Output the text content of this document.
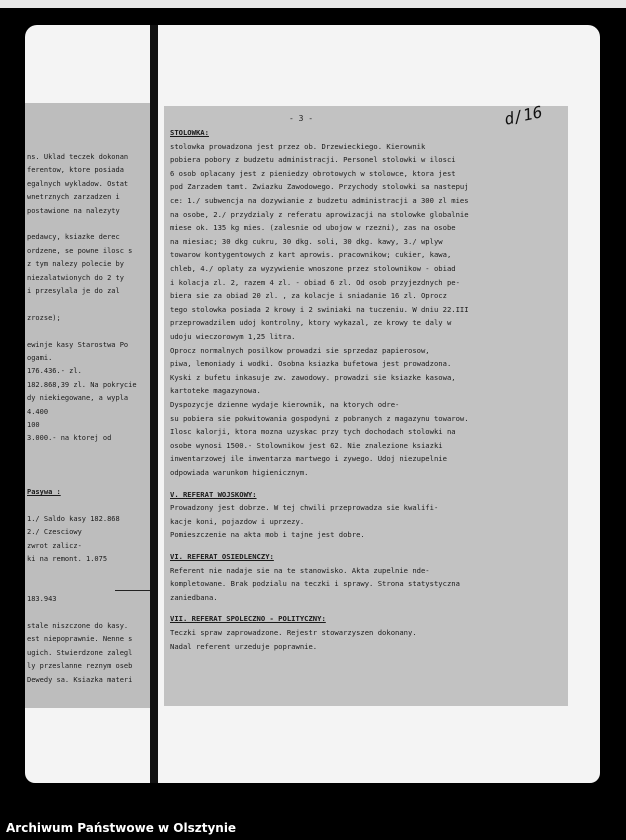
ns. Uklad teczek dokonan
ferentow, ktore posiada
egalnych wykladow. Ostat
wnetrznych zarzadzen i
postawione na nalezyty
pedawcy, ksiazke derec
ordzene, se powne ilosc s
z tym nalezy polecie by
niezalatwionych do 2 ty
i przesylala je do zal
zrozse);
ewinje kasy Starostwa Po
ogami.
176.436.- zl.
182.868,39 zl. Na pokrycie
dy niekiegowane, a wypla
4.400
100
3.000.- na ktorej od
Pasywa :
1./ Saldo kasy 182.868
2./ Czesciowy
zwrot zalicz-
ki na remont. 1.075
183.943
stale niszczone do kasy.
est niepoprawnie. Nenne s
ugich. Stwierdzone zalegl
ly przeslanne reznym oseb
Dewedy sa. Ksiazka materi
- 3 -	d/16
STOLOWKA:
stolowka prowadzona jest przez ob. Drzewieckiego. Kierownik
pobiera pobory z budzetu administracji. Personel stolowki w ilosci
6 osob oplacany jest z pieniedzy obrotowych w stolowce, ktora jest
pod Zarzadem tamt. Zwiazku Zawodowego. Przychody stolowki sa nastepuj
ce: 1./ subwencja na dozywianie z budzetu administracji a 300 zl mies
na osobe, 2./ przydzialy z referatu aprowizacji na stolowke globalnie
miese ok. 135 kg mies. (zalesnie od ubojow w rzezni), zas na osobe
na miesiac; 30 dkg cukru, 30 dkg. soli, 30 dkg. kawy, 3./ wplyw
towarow kontygentowych z kart aprowis. pracownikow; cukier, kawa,
chleb, 4./ oplaty za wyzywienie wnoszone przez stolownikow - obiad
i kolacja zl. 2, razem 4 zl. - obiad 6 zl. Od osob przyjezdnych pe-
biera sie za obiad 20 zl. , za kolacje i sniadanie 16 zl. Oprocz
tego stolowka posiada 2 krowy i 2 swiniaki na tuczeniu. W dniu 22.III
przeprowadzilem udoj kontrolny, ktory wykazal, ze krowy te daly w
udoju wieczorowym 1,25 litra.
Oprocz normalnych posilkow prowadzi sie sprzedaz papierosow,
piwa, lemoniady i wodki. Osobna ksiazka bufetowa jest prowadzona.
Kyski z bufetu inkasuje zw. zawodowy. prowadzi sie ksiazke kasowa,
kartoteke magazynowa.
Dyspozycje dzienne wydaje kierownik, na ktorych odre-
su pobiera sie pokwitowania gospodyni z pobranych z magazynu towarow.
Ilosc kalorji, ktora mozna uzyskac przy tych dochodach stolowki na
osobe wynosi 1500.- Stolownikow jest 62. Nie znalezione ksiazki
inwentarzowej ile inwentarza martwego i zywego. Udoj niezupelnie
odpowiada warunkom higienicznym.
V. REFERAT WOJSKOWY:
Prowadzony jest dobrze. W tej chwili przeprowadza sie kwalifi-
kacje koni, pojazdow i uprzezy.
Pomieszczenie na akta mob i tajne jest dobre.
VI. REFERAT OSIEDLENCZY:
Referent nie nadaje sie na te stanowisko. Akta zupelnie nde-
kompletowane. Brak podzialu na teczki i sprawy. Strona statystyczna
zaniedbana.
VII. REFERAT SPOLECZNO - POLITYCZNY:
Teczki spraw zaprowadzone. Rejestr stowarzyszen dokonany.
Nadal referent urzeduje poprawnie.
Archiwum Państwowe w Olsztynie
